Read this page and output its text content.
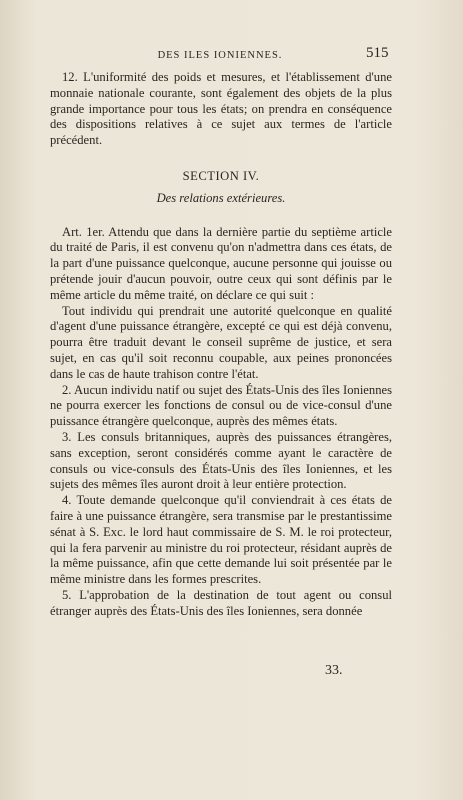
DES ILES IONIENNES.	515

12. L'uniformité des poids et mesures, et l'établissement d'une monnaie nationale courante, sont également des objets de la plus grande importance pour tous les états; on prendra en conséquence des dispositions relatives à ce sujet aux termes de l'article précédent.

SECTION IV.
Des relations extérieures.

Art. 1er. Attendu que dans la dernière partie du septième article du traité de Paris, il est convenu qu'on n'admettra dans ces états, de la part d'une puissance quelconque, aucune personne qui jouisse ou prétende jouir d'aucun pouvoir, outre ceux qui sont définis par le même article du même traité, on déclare ce qui suit :

Tout individu qui prendrait une autorité quelconque en qualité d'agent d'une puissance étrangère, excepté ce qui est déjà convenu, pourra être traduit devant le conseil suprême de justice, et sera sujet, en cas qu'il soit reconnu coupable, aux peines prononcées dans le cas de haute trahison contre l'état.

2. Aucun individu natif ou sujet des États-Unis des îles Ioniennes ne pourra exercer les fonctions de consul ou de vice-consul d'une puissance étrangère quelconque, auprès des mêmes états.

3. Les consuls britanniques, auprès des puissances étrangères, sans exception, seront considérés comme ayant le caractère de consuls ou vice-consuls des États-Unis des îles Ioniennes, et les sujets des mêmes îles auront droit à leur entière protection.

4. Toute demande quelconque qu'il conviendrait à ces états de faire à une puissance étrangère, sera transmise par le prestantissime sénat à S. Exc. le lord haut commissaire de S. M. le roi protecteur, qui la fera parvenir au ministre du roi protecteur, résidant auprès de la même puissance, afin que cette demande lui soit présentée par le même ministre dans les formes prescrites.

5. L'approbation de la destination de tout agent ou consul étranger auprès des États-Unis des îles Ioniennes, sera donnée

33.
